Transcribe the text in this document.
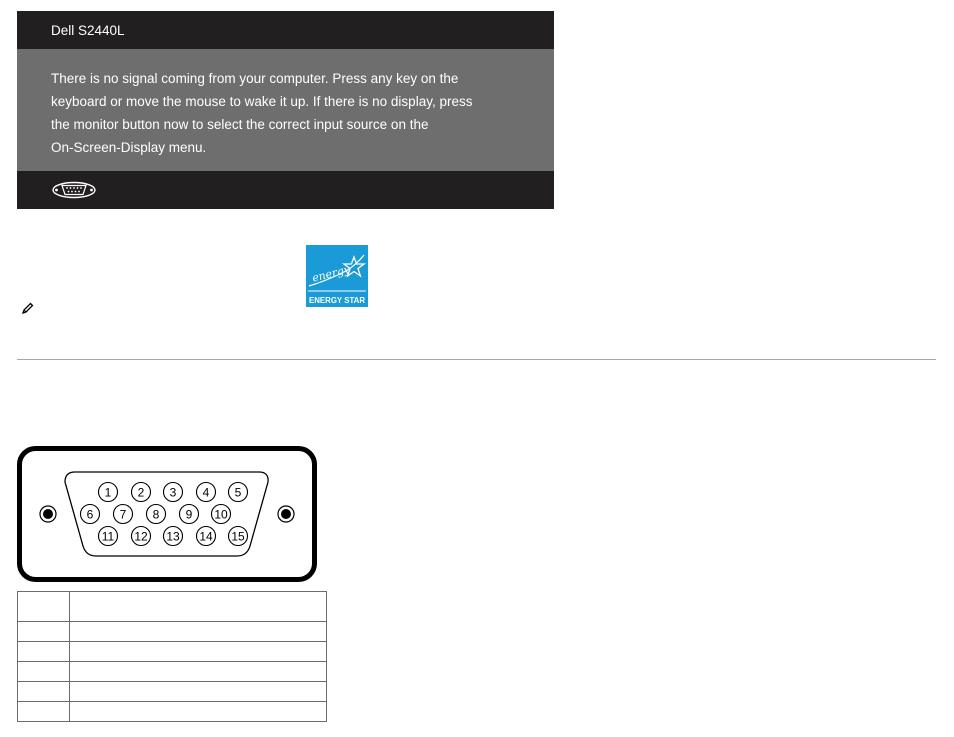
Dell S2440L
There is no signal coming from your computer. Press any key on the
keyboard or move the mouse to wake it up. If there is no display, press
the monitor button now to select the correct input source on the
On-Screen-Display menu.
energy
ENERGY STAR
1 2 3 4 5
6 7 8 9 10
11 12 13 14 15
